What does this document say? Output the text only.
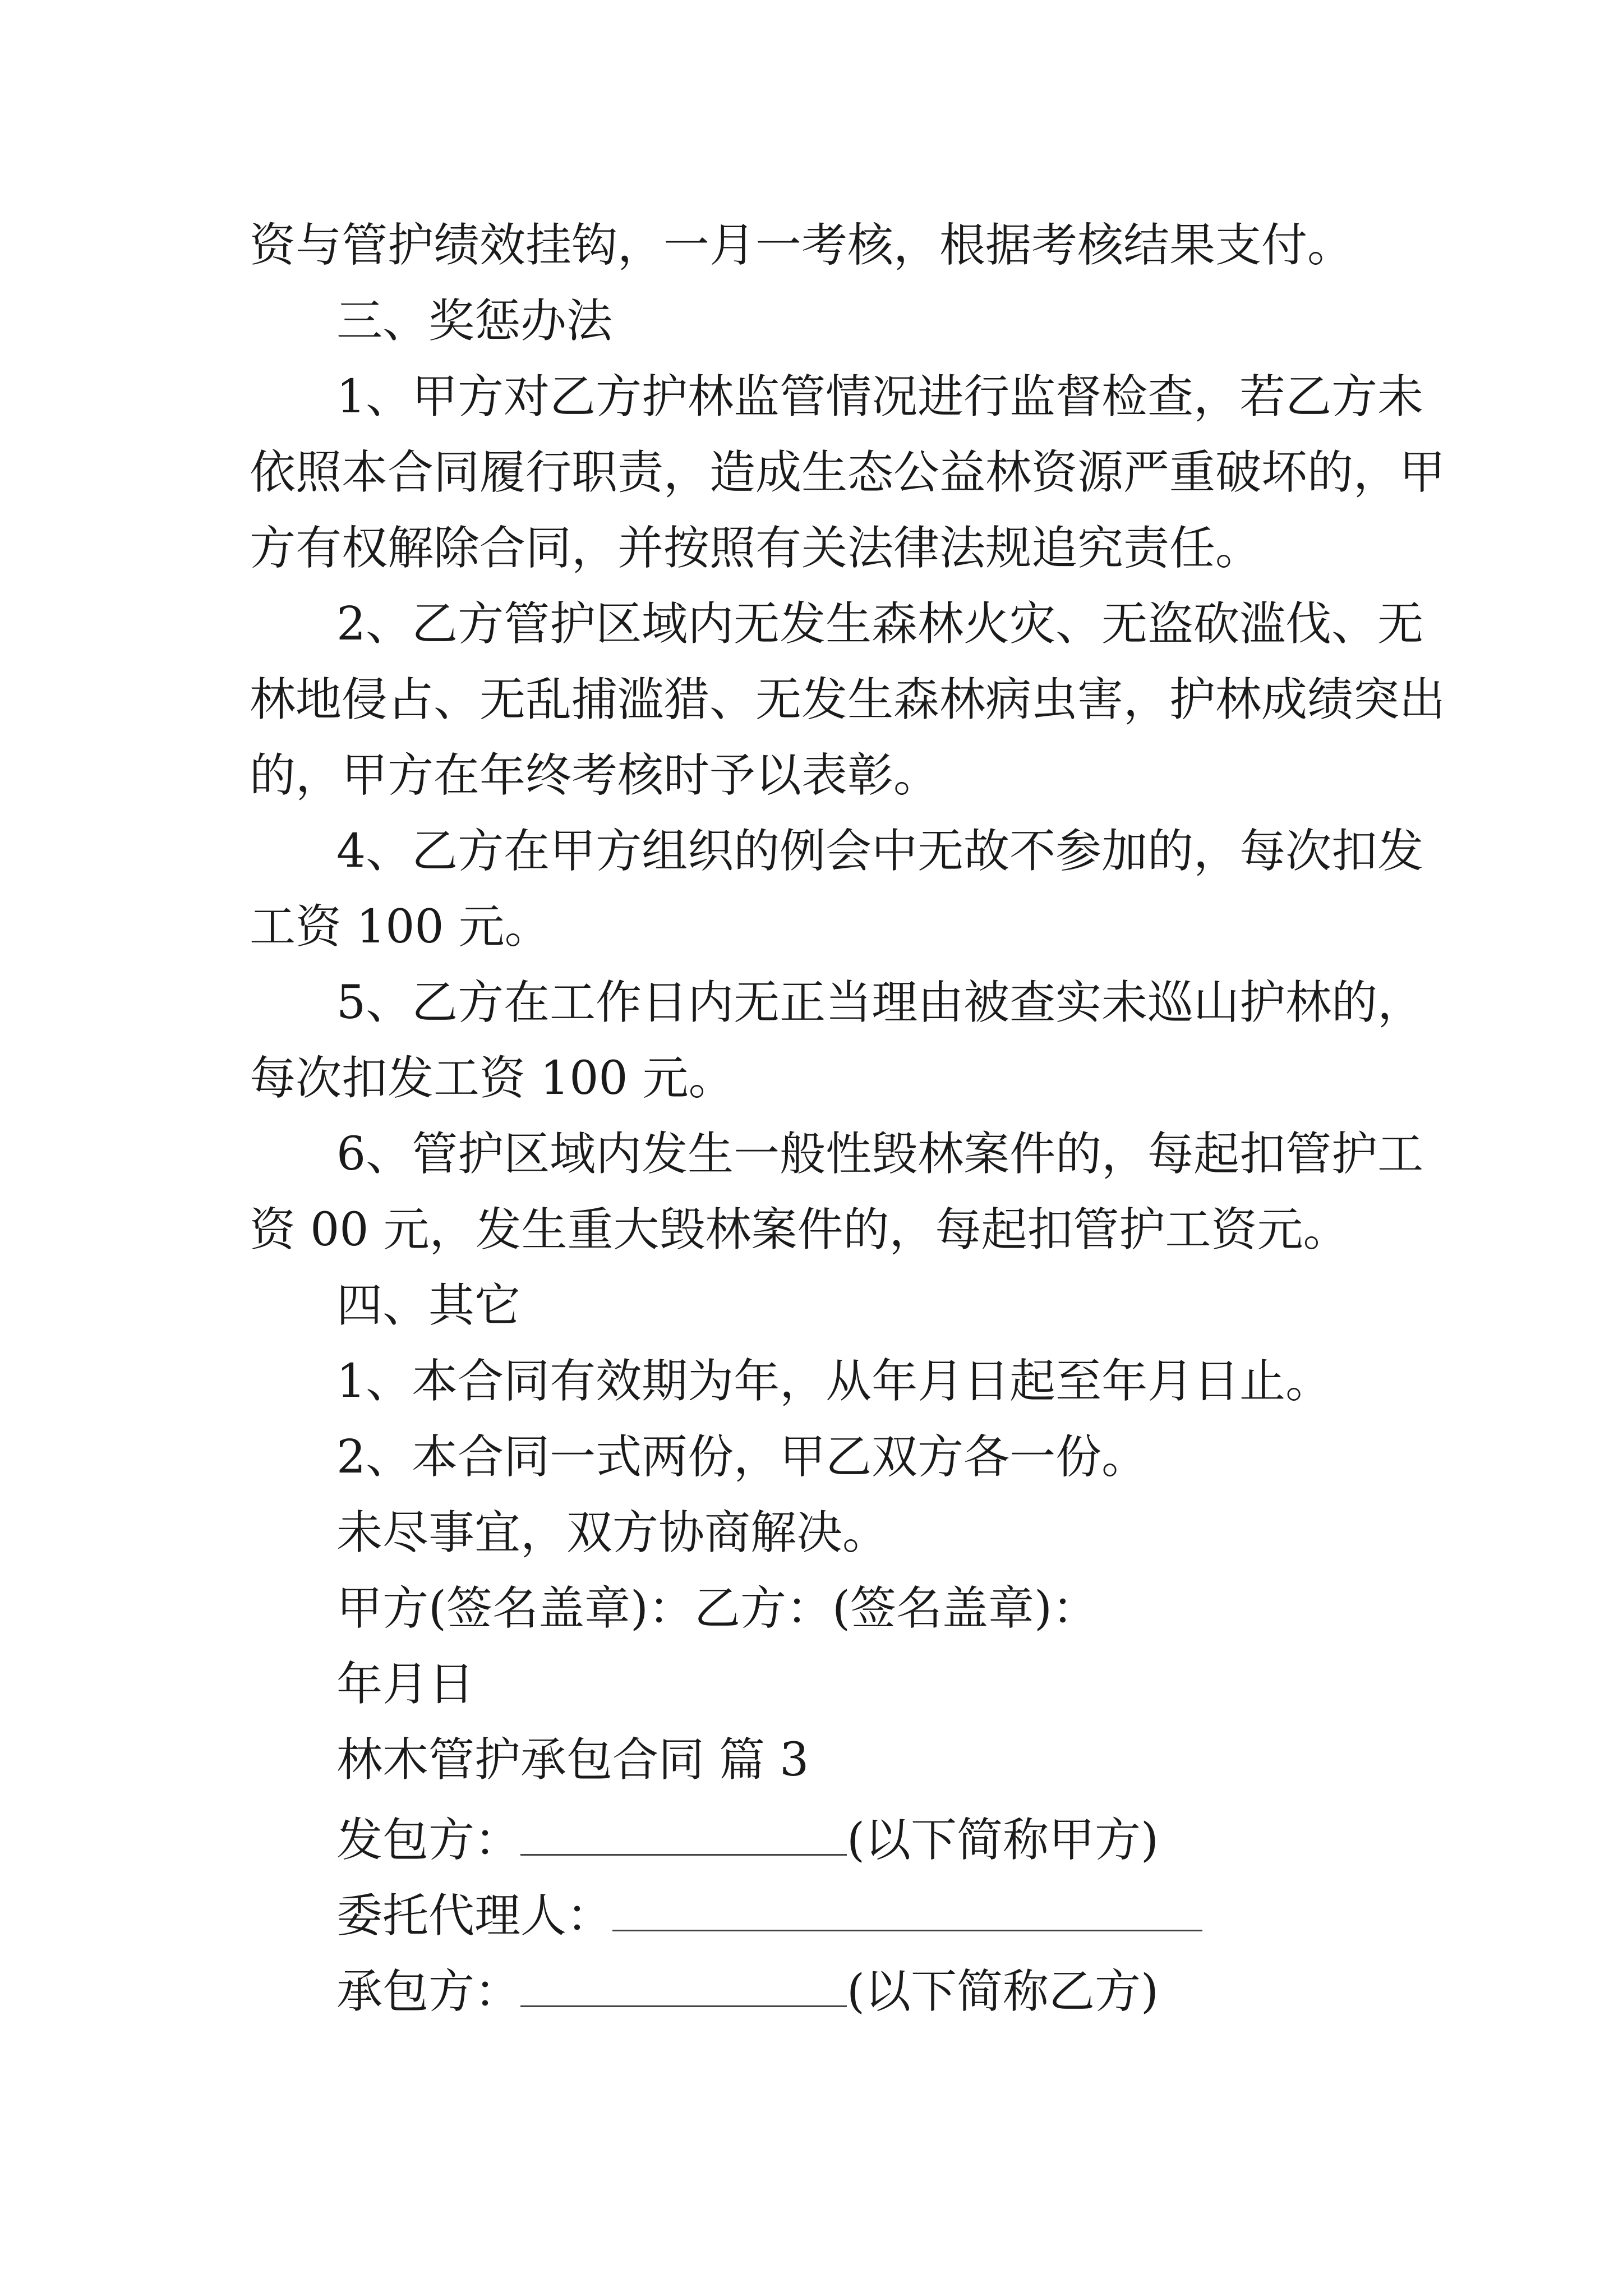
资与管护绩效挂钩，一月一考核，根据考核结果支付。
三、奖惩办法
1、甲方对乙方护林监管情况进行监督检查，若乙方未
依照本合同履行职责，造成生态公益林资源严重破坏的，甲
方有权解除合同，并按照有关法律法规追究责任。
2、乙方管护区域内无发生森林火灾、无盗砍滥伐、无
林地侵占、无乱捕滥猎、无发生森林病虫害，护林成绩突出
的，甲方在年终考核时予以表彰。
4、乙方在甲方组织的例会中无故不参加的，每次扣发
工资 100 元。
5、乙方在工作日内无正当理由被查实未巡山护林的，
每次扣发工资 100 元。
6、管护区域内发生一般性毁林案件的，每起扣管护工
资 00 元，发生重大毁林案件的，每起扣管护工资元。
四、其它
1、本合同有效期为年，从年月日起至年月日止。
2、本合同一式两份，甲乙双方各一份。
未尽事宜，双方协商解决。
甲方(签名盖章)：乙方：(签名盖章)：
年月日
林木管护承包合同 篇 3
发包方：	(以下简称甲方)
委托代理人：
承包方：	(以下简称乙方)
